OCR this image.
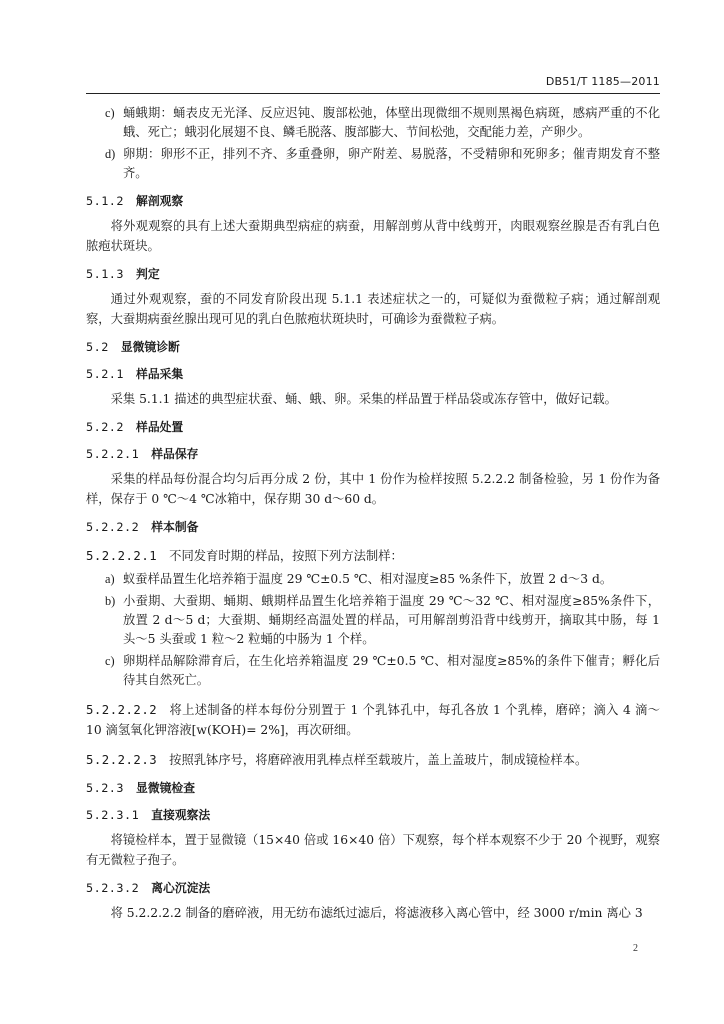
DB51/T 1185—2011
c) 蛹蛾期：蛹表皮无光泽、反应迟钝、腹部松弛，体壁出现微细不规则黑褐色病斑，感病严重的不化蛾、死亡；蛾羽化展翅不良、鳞毛脱落、腹部膨大、节间松弛，交配能力差，产卵少。
d) 卵期：卵形不正，排列不齐、多重叠卵，卵产附差、易脱落，不受精卵和死卵多；催青期发育不整齐。
5.1.2 解剖观察
将外观观察的具有上述大蚕期典型病症的病蚕，用解剖剪从背中线剪开，肉眼观察丝腺是否有乳白色脓疱状斑块。
5.1.3 判定
通过外观观察，蚕的不同发育阶段出现 5.1.1 表述症状之一的，可疑似为蚕微粒子病；通过解剖观察，大蚕期病蚕丝腺出现可见的乳白色脓疱状斑块时，可确诊为蚕微粒子病。
5.2 显微镜诊断
5.2.1 样品采集
采集 5.1.1 描述的典型症状蚕、蛹、蛾、卵。采集的样品置于样品袋或冻存管中，做好记载。
5.2.2 样品处置
5.2.2.1 样品保存
采集的样品每份混合均匀后再分成 2 份，其中 1 份作为检样按照 5.2.2.2 制备检验，另 1 份作为备样，保存于 0 ℃～4 ℃冰箱中，保存期 30 d～60 d。
5.2.2.2 样本制备
5.2.2.2.1 不同发育时期的样品，按照下列方法制样：
a) 蚁蚕样品置生化培养箱于温度 29 ℃±0.5 ℃、相对湿度≥85 %条件下，放置 2 d～3 d。
b) 小蚕期、大蚕期、蛹期、蛾期样品置生化培养箱于温度 29 ℃～32 ℃、相对湿度≥85%条件下，放置 2 d～5 d；大蚕期、蛹期经高温处置的样品，可用解剖剪沿背中线剪开，摘取其中肠，每 1 头～5 头蚕或 1 粒～2 粒蛹的中肠为 1 个样。
c) 卵期样品解除滞育后，在生化培养箱温度 29 ℃±0.5 ℃、相对湿度≥85%的条件下催青；孵化后待其自然死亡。
5.2.2.2.2 将上述制备的样本每份分别置于 1 个乳钵孔中，每孔各放 1 个乳棒，磨碎；滴入 4 滴～10 滴氢氧化钾溶液[w(KOH)= 2%]，再次研细。
5.2.2.2.3 按照乳钵序号，将磨碎液用乳棒点样至载玻片，盖上盖玻片，制成镜检样本。
5.2.3 显微镜检查
5.2.3.1 直接观察法
将镜检样本，置于显微镜（15×40 倍或 16×40 倍）下观察，每个样本观察不少于 20 个视野，观察有无微粒子孢子。
5.2.3.2 离心沉淀法
将 5.2.2.2.2 制备的磨碎液，用无纺布滤纸过滤后，将滤液移入离心管中，经 3000 r/min 离心 3
2
